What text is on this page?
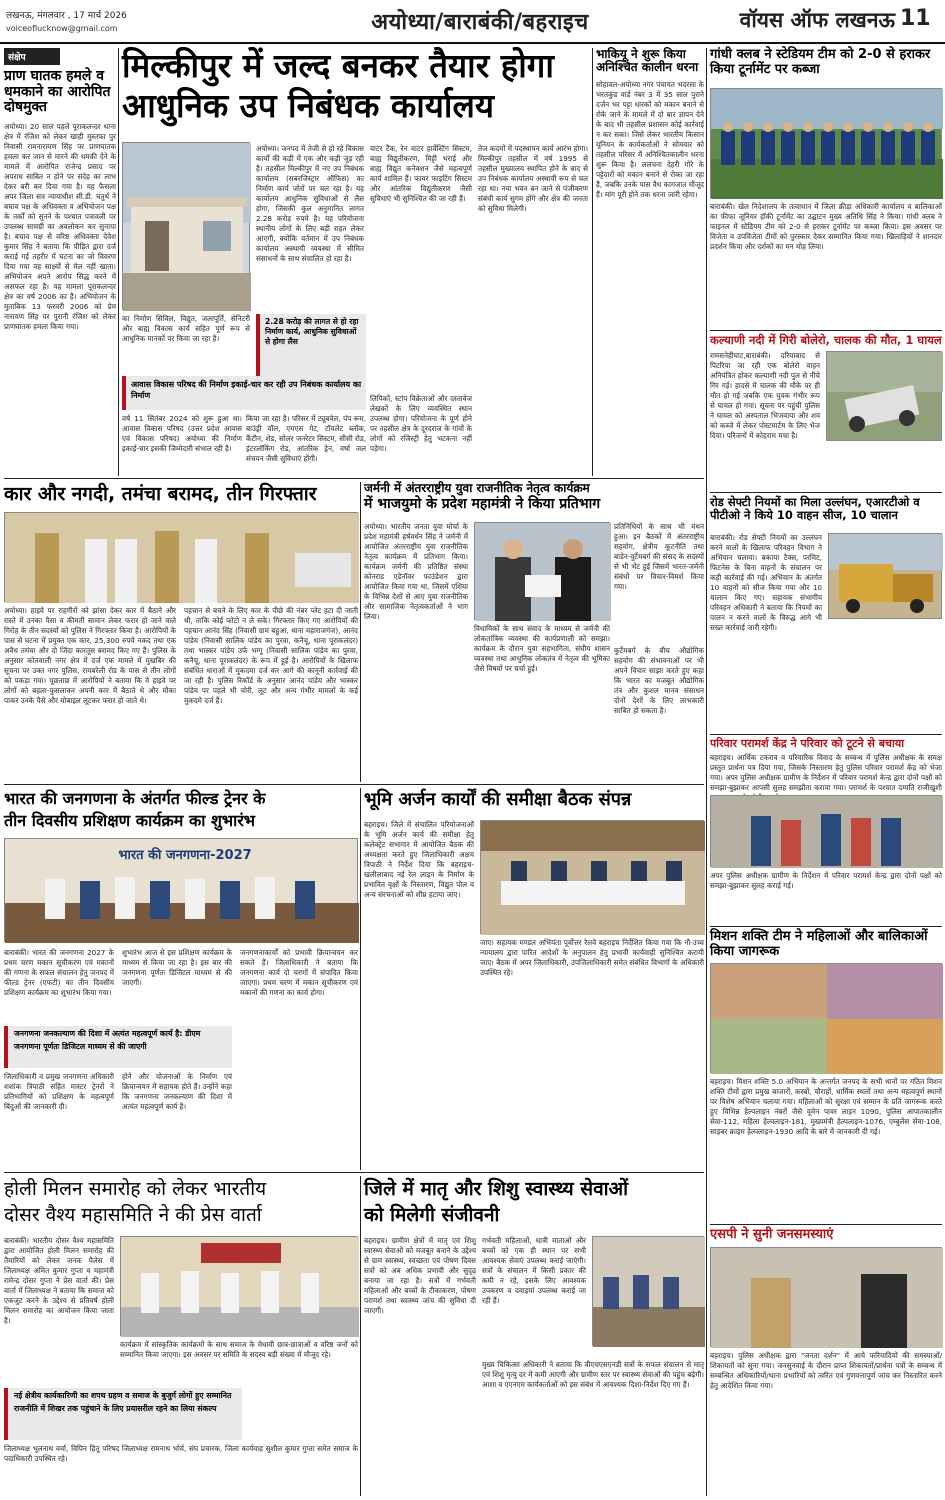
लखनऊ, मंगलवार , 17 मार्च 2026
voiceoflucknow@gmail.com	अयोध्या/बाराबंकी/बहराइच	वॉयस ऑफ लखनऊ 11
संक्षेप
प्राण घातक हमले व धमकाने का आरोपित दोषमुक्त
अयोध्या। 20 साल पहले पूराकलन्दर थाना क्षेत्र में रंजिश को लेकर खाही मुस्तफा पुर निवासी रामनारायण सिंह पर प्राणघातक हमला कर जान से मारने की धमकी देने के मामले में आरोपित राजेन्द्र प्रसाद पर अपराध साबित न होने पर संदेह का लाभ देकर बरी कर दिया गया है। यह फैसला अपर जिला सत्र न्यायाधीश सी.डी. चतुर्थ ने बचाव पक्ष के अधिवक्ता व अभियोजन पक्ष के तर्कों को सुनने के पश्चात पत्रावली पर उपलब्ध सामग्री का अवलोकन कर सुनाया है। बचाव पक्ष से वरिष्ठ अधिवक्ता देवेश कुमार सिंह ने बताया कि पीड़ित द्वारा दर्ज कराई गई तहरीर में घटना का जो विवरण दिया गया वह साक्ष्यों से मेल नहीं खाता। अभियोजन अपने आरोप सिद्ध करने में असफल रहा है। यह मामला पूराकलन्दर क्षेत्र का वर्ष 2006 का है। अभियोजन के मुताबिक 13 फरवरी 2006 को प्रेम नारायण सिंह पर पुरानी रंजिश को लेकर प्राणघातक हमला किया गया।
मिल्कीपुर में जल्द बनकर तैयार होगा
आधुनिक उप निबंधक कार्यालय
अयोध्या। जनपद में तेजी से हो रहे विकास कार्यों की कड़ी में एक और कड़ी जुड़ रही है। तहसील मिल्कीपुर में नए उप निबंधक कार्यालय (सबरजिस्ट्रार ऑफिस) का निर्माण कार्य जोरों पर चल रहा है। यह कार्यालय आधुनिक सुविधाओं से लैस होगा, जिसकी कुल अनुमानित लागत 2.28 करोड़ रुपये है। यह परियोजना स्थानीय लोगों के लिए बड़ी राहत लेकर आएगी, क्योंकि वर्तमान में उप निबंधक कार्यालय अस्थायी व्यवस्था में सीमित संसाधनों के साथ संचालित हो रहा है।
का निर्माण सिविल, विद्युत, जलापूर्ति, सेनिटरी और बाह्य विकास कार्य सहित पूर्ण रूप से आधुनिक मानकों पर किया जा रहा है।
वाटर टैंक, रेन वाटर हार्वेस्टिंग सिस्टम, बाह्य विद्युतीकरण, मिट्टी भराई और बाह्य विद्युत कनेक्शन जैसे महत्वपूर्ण कार्य शामिल हैं। फायर फाइटिंग सिस्टम और आंतरिक विद्युतीकरण जैसी सुविधाएं भी सुनिश्चित की जा रही हैं।
तेज कदमों में पदस्थापन कार्य आरंभ होगा। मिल्कीपुर तहसील में वर्ष 1995 से तहसील मुख्यालय स्थापित होने के बाद से उप निबंधक कार्यालय अस्थायी रूप से चल रहा था। नया भवन बन जाने से पंजीकरण संबंधी कार्य सुगम होंगे और क्षेत्र की जनता को सुविधा मिलेगी।
2.28 करोड़ की लागत से हो रहा निर्माण कार्य, आधुनिक सुविधाओं से होगा लैस
आवास विकास परिषद की निर्माण इकाई-चार कर रही उप निबंधक कार्यालय का निर्माण
वर्ष 11 सितंबर 2024 को शुरू हुआ था। आवास विकास परिषद (उत्तर प्रदेश आवास एवं विकास परिषद) अयोध्या की निर्माण इकाई-चार इसकी जिम्मेदारी संभाल रही है।
किया जा रहा है। परिसर में ट्यूबवेल, पंप रूम, बाउंड्री वॉल, एमएस गेट, टॉयलेट ब्लॉक, कैंटीन, शेड, सोलर जनरेटर सिस्टम, सीसी रोड, इंटरलॉकिंग रोड, आंतरिक ड्रेन, वर्षा जल संचयन जैसी सुविधाएं होंगी।
लिपिकों, स्टांप विक्रेताओं और दस्तावेज लेखकों के लिए व्यवस्थित स्थान उपलब्ध होगा। परियोजना के पूर्ण होने पर तहसील क्षेत्र के दूरदराज के गांवों के लोगों को रजिस्ट्री हेतु भटकना नहीं पड़ेगा।
भाकियू ने शुरू किया अनिश्चित कालीन धरना
सोहावल-अयोध्या नगर पंचायत भदरसा के भरतकुंड वार्ड नंबर 3 में 35 साल पुराने दर्जन भर पट्टा धारकों को मकान बनाने से रोके जाने के मामले में दो बार ज्ञापन देने के बाद भी तहसील प्रशासन कोई कार्रवाई न कर सका। जिसे लेकर भारतीय किसान यूनियन के कार्यकर्ताओं ने सोमवार को तहसील परिसर में अनिश्चितकालीन धरना शुरू किया है। ललचना देहरी गोरे के पट्टेदारों को मकान बनाने से रोका जा रहा है, जबकि उनके पास वैध कागजात मौजूद हैं। मांग पूरी होने तक धरना जारी रहेगा।
गांधी क्लब ने स्टेडियम टीम को 2-0 से हराकर किया टूर्नामेंट पर कब्जा
बाराबंकी। खेल निदेशालय के तत्वाधान में जिला क्रीड़ा अधिकारी कार्यालय व बालिकाओं का फीफा जूनियर हॉकी टूर्नामेंट का उद्घाटन मुख्य अतिथि सिंह ने किया। गांधी क्लब ने फाइनल में स्टेडियम टीम को 2-0 से हराकर टूर्नामेंट पर कब्जा किया। इस अवसर पर विजेता व उपविजेता टीमों को पुरस्कार देकर सम्मानित किया गया। खिलाड़ियों ने शानदार प्रदर्शन किया और दर्शकों का मन मोह लिया।
कल्याणी नदी में गिरी बोलेरो, चालक की मौत, 1 घायल
रामसनेहीघाट,बाराबंकी। दरियाबाद से पिटरिया जा रही एक बोलेरो वाहन अनियंत्रित होकर कल्याणी नदी पुल से नीचे गिर गई। हादसे में चालक की मौके पर ही मौत हो गई जबकि एक युवक गंभीर रूप से घायल हो गया। सूचना पर पहुंची पुलिस ने घायल को अस्पताल भिजवाया और शव को कब्जे में लेकर पोस्टमार्टम के लिए भेज दिया। परिजनों में कोहराम मचा है।
रोड सेफ्टी नियमों का मिला उल्लंघन, एआरटीओ व पीटीओ ने किये 10 वाहन सीज, 10 चालान
बाराबंकी। रोड सेफ्टी नियमों का उल्लंघन करने वालों के खिलाफ परिवहन विभाग ने अभियान चलाया। बकाया टैक्स, परमिट, फिटनेस के बिना वाहनों के संचालन पर कड़ी कार्रवाई की गई। अभियान के अंतर्गत 10 वाहनों को सीज किया गया और 10 चालान किए गए। सहायक संभागीय परिवहन अधिकारी ने बताया कि नियमों का पालन न करने वालों के विरुद्ध आगे भी सख्त कार्रवाई जारी रहेगी।
परिवार परामर्श केंद्र ने परिवार को टूटने से बचाया
बहराइच। आर्थिक टकराव व परिवारिक विवाद के सम्बन्ध में पुलिस अधीक्षक के समक्ष प्रस्तुत प्रार्थना पत्र दिया गया, जिसके निस्तारण हेतु पुलिस परिवार परामर्श केंद्र को भेजा गया। अपर पुलिस अधीक्षक ग्रामीण के निर्देशन में परिवार परामर्श केन्द्र द्वारा दोनों पक्षों को समझा-बुझाकर आपसी सुलह समझौता कराया गया। परामर्श के पश्चात दम्पति राजीखुशी
अपर पुलिस अधीक्षक ग्रामीण के निर्देशन में परिवार परामर्श केन्द्र द्वारा दोनों पक्षों को समझा-बुझाकर सुलह कराई गई।
मिशन शक्ति टीम ने महिलाओं और बालिकाओं किया जागरूक
बहराइच। मिशन शक्ति 5.0 अभियान के अन्तर्गत जनपद के सभी थानों पर गठित मिशन शक्ति टीमों द्वारा प्रमुख बाजारों, कस्बों, चौराहों, धार्मिक स्थलों तथा अन्य महत्वपूर्ण स्थानों पर विशेष अभियान चलाया गया। महिलाओं को सुरक्षा एवं सम्मान के प्रति जागरूक करते हुए विभिन्न हेल्पलाइन नंबरों जैसे वूमेन पावर लाइन 1090, पुलिस आपातकालीन सेवा-112, महिला हेल्पलाइन-181, मुख्यमंत्री हेल्पलाइन-1076, एम्बुलेंस सेवा-108, साइबर क्राइम हेल्पलाइन-1930 आदि के बारे में जानकारी दी गई।
एसपी ने सुनी जनसमस्याएं
बहराइच। पुलिस अधीक्षक द्वारा "जनता दर्शन" में आये फरियादियों की समस्याओं/शिकायतों को सुना गया। जनसुनवाई के दौरान प्राप्त शिकायतों/प्रार्थना पत्रों के सम्बन्ध में सम्बन्धित अधिकारियों/थाना प्रभारियों को त्वरित एवं गुणवत्तापूर्ण जांच कर निस्तारित करने हेतु आदेशित किया गया।
कार और नगदी, तमंचा बरामद, तीन गिरफ्तार
अयोध्या। हाइवे पर राहगीरों को झांसा देकर कार में बैठाने और रास्ते में उनका पैसा व कीमती सामान लेकर फरार हो जाने वाले गिरोह के तीन सदस्यों को पुलिस ने गिरफ्तार किया है। आरोपियों के पास से घटना में प्रयुक्त एक कार, 25,300 रुपये नकद तथा एक अवैध तमंचा और दो जिंदा कारतूस बरामद किए गए हैं। पुलिस के अनुसार कोतवाली नगर क्षेत्र में दर्ज एक मामले में मुखबिर की सूचना पर उक्त नगर पुलिस, रायबरेली रोड के पास से तीन लोगों को पकड़ा गया। पूछताछ में आरोपियों ने बताया कि वे हाइवे पर लोगों को बहला-फुसलाकर अपनी कार में बैठाते थे और मौका पाकर उनके पैसे और मोबाइल लूटकर फरार हो जाते थे।
पहचान से बचने के लिए कार के पीछे की नंबर प्लेट हटा दी जाती थी, ताकि कोई फोटो न ले सके। गिरफ्तार किए गए आरोपियों की पहचान आनंद सिंह (निवासी ग्राम बहुआ, थाना महाराजगंज), आनंद पांडेय (निवासी सालिक पांडेय का पुरवा, कनैचू, थाना पूराकलंदर) तथा भास्कर पांडेय उर्फ भग्गू (निवासी सालिक पांडेय का पुरवा, कनैचू, थाना पूराकलंदर) के रूप में हुई है। आरोपियों के खिलाफ संबंधित धाराओं में मुकदमा दर्ज कर आगे की कानूनी कार्रवाई की जा रही है। पुलिस रिकॉर्ड के अनुसार आनंद पांडेय और भास्कर पांडेय पर पहले भी चोरी, लूट और अन्य गंभीर मामलों के कई मुकदमे दर्ज हैं।
जर्मनी में अंतरराष्ट्रीय युवा राजनीतिक नेतृत्व कार्यक्रम
में भाजयुमो के प्रदेश महामंत्री ने किया प्रतिभाग
अयोध्या। भारतीय जनता युवा मोर्चा के प्रदेश महामंत्री हर्षवर्धन सिंह ने जर्मनी में आयोजित अंतरराष्ट्रीय युवा राजनीतिक नेतृत्व कार्यक्रम में प्रतिभाग किया। कार्यक्रम जर्मनी की प्रतिष्ठित संस्था कोनराड एडेनॉवर फाउंडेशन द्वारा आयोजित किया गया था, जिसमें एशिया के विभिन्न देशों से आए युवा राजनीतिक और सामाजिक नेतृत्वकर्ताओं ने भाग लिया।
प्रतिनिधियों के साथ भी मंथन हुआ। इन बैठकों में अंतरराष्ट्रीय सहयोग, क्षेत्रीय कूटनीति तथा बाडेन-वुर्टेमबर्ग की संसद के सदस्यों से भी भेंट हुई जिसमें भारत-जर्मनी संबंधों पर विचार-विमर्श किया गया।
विधायिकों के साथ संवाद के माध्यम से जर्मनी की लोकतांत्रिक व्यवस्था की कार्यप्रणाली को समझा। कार्यक्रम के दौरान युवा सहभागिता, संघीय शासन व्यवस्था तथा आधुनिक लोकतंत्र में नेतृत्व की भूमिका जैसे विषयों पर चर्चा हुई।
कुर्टेमबर्ग के बीच औद्योगिक सहयोग की संभावनाओं पर भी अपने विचार साझा करते हुए कहा कि भारत का मजबूत औद्योगिक तंत्र और कुशल मानव संसाधन दोनों देशों के लिए लाभकारी साबित हो सकता है।
भारत की जनगणना के अंतर्गत फील्ड ट्रेनर के
तीन दिवसीय प्रशिक्षण कार्यक्रम का शुभारंभ
भारत की जनगणना-2027
बाराबंकी। भारत की जनगणना 2027 के प्रथम चरण मकान सूचीकरण एवं मकानों की गणना के सफल संचालन हेतु जनपद में फील्ड ट्रेनर (एफटी) का तीन दिवसीय प्रशिक्षण कार्यक्रम का शुभारंभ किया गया।
शुभारंभ आज से इस प्रशिक्षण कार्यक्रम के माध्यम से किया जा रहा है। इस बार की जनगणना पूर्णतः डिजिटल माध्यम से की जाएगी।
जनगणनाकार्यों को प्रभावी क्रियान्वयन कर सकते हैं। जिलाधिकारी ने बताया कि जनगणना कार्य दो चरणों में संपादित किया जाएगा। प्रथम चरण में मकान सूचीकरण एवं मकानों की गणना का कार्य होगा।
जनगणना जनकल्याण की दिशा में अत्यंत महत्वपूर्ण कार्य है: डीएम
जनगणना पूर्णतः डिजिटल माध्यम से की जाएगी
जिलाधिकारी व प्रमुख जनगणना अधिकारी शशांक त्रिपाठी सहित मास्टर ट्रेनरों ने प्रतिभागियों को प्रशिक्षण के महत्वपूर्ण बिंदुओं की जानकारी दी।
होने और योजनाओं के निर्माण एवं क्रियान्वयन में सहायक होते हैं। उन्होंने कहा कि जनगणना जनकल्याण की दिशा में अत्यंत महत्वपूर्ण कार्य है।
भूमि अर्जन कार्यों की समीक्षा बैठक संपन्न
बहराइच। जिले में संचालित परियोजनाओं के भूमि अर्जन कार्य की समीक्षा हेतु कलेक्ट्रेट सभागार में आयोजित बैठक की अध्यक्षता करते हुए जिलाधिकारी अक्षय त्रिपाठी ने निर्देश दिया कि बहराइच-खलीलाबाद नई रेल लाइन के निर्माण के प्रभावित वृक्षों के निस्तारण, विद्युत पोल व अन्य संरचनाओं को शीघ्र हटाया जाए।
जाए। सहायक मण्डल अभियंता पूर्वोत्तर रेलवे बहराइच निर्देशित किया गया कि नौ-उच्च न्यायालय द्वारा पारित आदेशों के अनुपालन हेतु प्रभावी कार्यवाही सुनिश्चित करायी जाए। बैठक में अपर जिलाधिकारी, उपजिलाधिकारी समेत संबंधित विभागों के अधिकारी उपस्थित रहे।
होली मिलन समारोह को लेकर भारतीय
दोसर वैश्य महासमिति ने की प्रेस वार्ता
बाराबंकी। भारतीय दोसर वैश्य महासमिति द्वारा आयोजित होली मिलन समारोह की तैयारियों को लेकर जनक पैलेस में जिलाध्यक्ष अमित कुमार गुप्ता व महामंत्री रामेन्द्र दोसर गुप्ता ने प्रेस वार्ता की। प्रेस वार्ता में जिलाध्यक्ष ने बताया कि समाज को एकजुट करने के उद्देश्य से प्रतिवर्ष होली मिलन समारोह का आयोजन किया जाता है।
कार्यक्रम में सांस्कृतिक कार्यक्रमों के साथ समाज के मेधावी छात्र-छात्राओं व वरिष्ठ जनों को सम्मानित किया जाएगा। इस अवसर पर समिति के सदस्य बड़ी संख्या में मौजूद रहे।
नई क्षेत्रीय कार्यकारिणी का शपथ ग्रहण व समाज के बुजुर्ग लोगों हुए सम्मानित
राजनीति में शिखर तक पहुंचाने के लिए प्रयासरील रहने का लिया संकल्प
जिलाध्यक्ष भूलनाथ वर्मा, विपिन हितू परिषद जिलाध्यक्ष रामनाथ भोर्य, संघ प्रचारक, जिला कार्यवाह सुशील कुमार गुप्ता समेत समाज के पदाधिकारी उपस्थित रहे।
जिले में मातृ और शिशु स्वास्थ्य सेवाओं
को मिलेगी संजीवनी
बहराइच। ग्रामीण क्षेत्रों में मातृ एवं शिशु स्वास्थ्य सेवाओं को मजबूत बनाने के उद्देश्य से ग्राम स्वास्थ्य, स्वच्छता एवं पोषण दिवस सत्रों को अब अधिक प्रभावी और सुदृढ़ बनाया जा रहा है। सत्रों में गर्भवती महिलाओं और बच्चों के टीकाकरण, पोषण परामर्श तथा स्वास्थ्य जांच की सुविधा दी जाएगी।
गर्भवती महिलाओं, धात्री माताओं और बच्चों को एक ही स्थान पर सभी आवश्यक सेवाएं उपलब्ध कराई जाएंगी। सत्रों के संचालन में किसी प्रकार की कमी न रहे, इसके लिए आवश्यक उपकरण व दवाइयां उपलब्ध कराई जा रही हैं।
मुख्य चिकित्सा अधिकारी ने बताया कि वीएचएसएनडी सत्रों के सफल संचालन से मातृ एवं शिशु मृत्यु दर में कमी आएगी और ग्रामीण स्तर पर स्वास्थ्य सेवाओं की पहुंच बढ़ेगी। आशा व एएनएम कार्यकर्ताओं को इस संबंध में आवश्यक दिशा-निर्देश दिए गए हैं।
